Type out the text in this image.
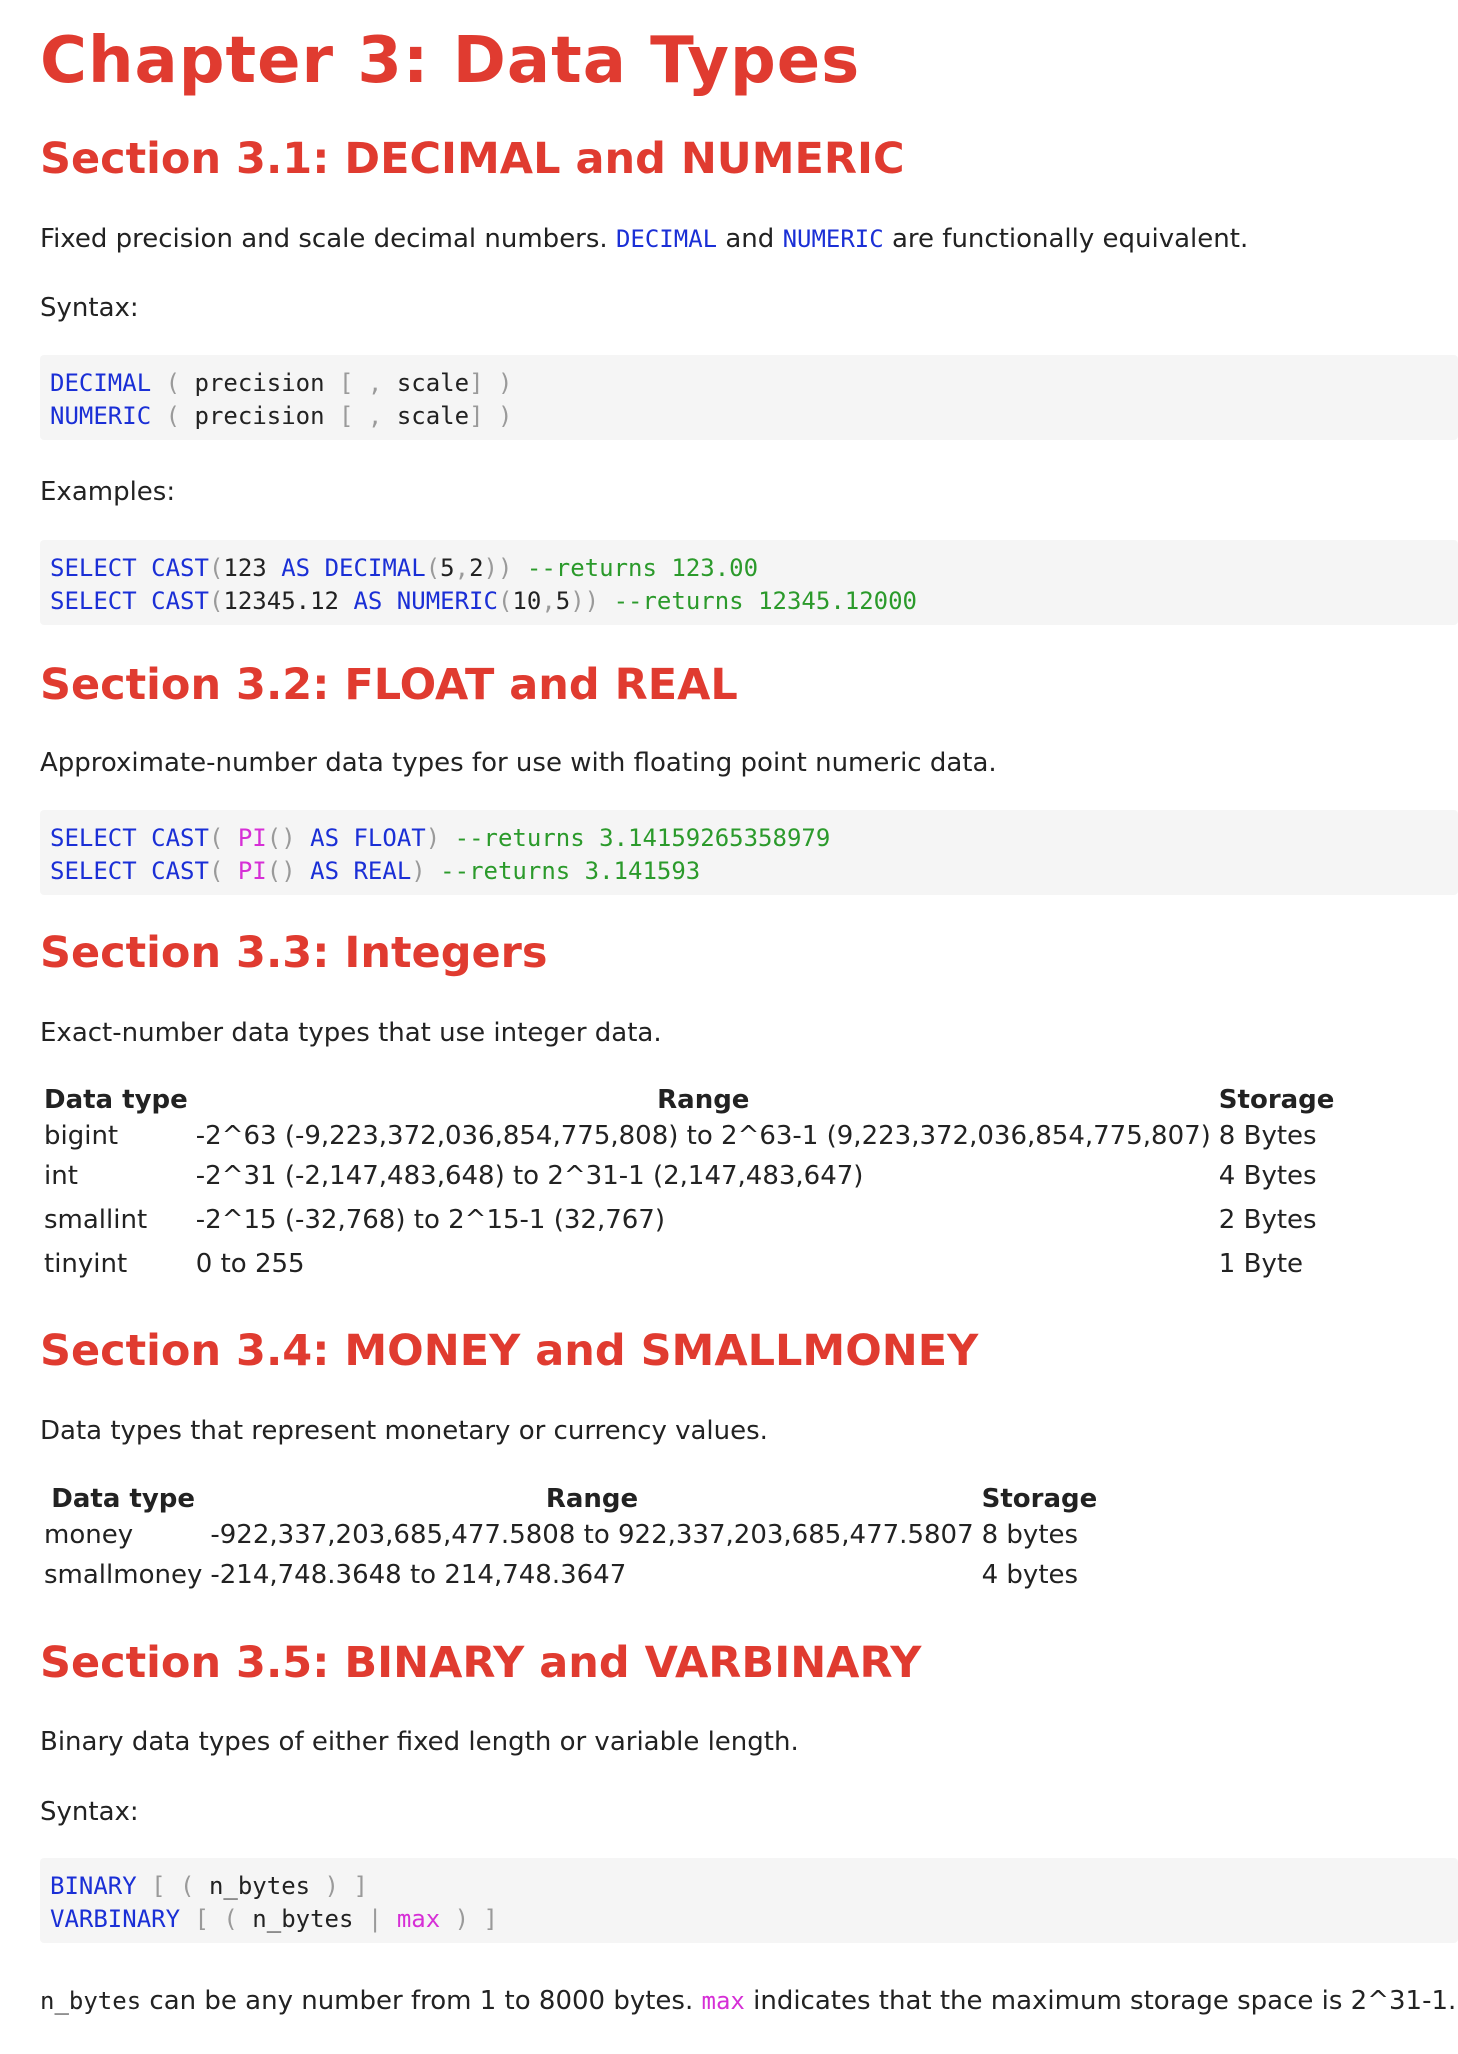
Chapter 3: Data Types
Section 3.1: DECIMAL and NUMERIC

Fixed precision and scale decimal numbers. DECIMAL and NUMERIC are functionally equivalent.

Syntax:

DECIMAL ( precision [ , scale] )
NUMERIC ( precision [ , scale] )

Examples:

SELECT CAST(123 AS DECIMAL(5,2)) --returns 123.00
SELECT CAST(12345.12 AS NUMERIC(10,5)) --returns 12345.12000
Section 3.2: FLOAT and REAL

Approximate-number data types for use with floating point numeric data.

SELECT CAST( PI() AS FLOAT) --returns 3.14159265358979
SELECT CAST( PI() AS REAL) --returns 3.141593
Section 3.3: Integers

Exact-number data types that use integer data.

Data type	Range	Storage
bigint	-2^63 (-9,223,372,036,854,775,808) to 2^63-1 (9,223,372,036,854,775,807)	8 Bytes
int	-2^31 (-2,147,483,648) to 2^31-1 (2,147,483,647)	4 Bytes
smallint	-2^15 (-32,768) to 2^15-1 (32,767)	2 Bytes
tinyint	0 to 255	1 Byte
Section 3.4: MONEY and SMALLMONEY

Data types that represent monetary or currency values.

Data type	Range	Storage
money	-922,337,203,685,477.5808 to 922,337,203,685,477.5807	8 bytes
smallmoney	-214,748.3648 to 214,748.3647	4 bytes
Section 3.5: BINARY and VARBINARY

Binary data types of either fixed length or variable length.

Syntax:

BINARY [ ( n_bytes ) ]
VARBINARY [ ( n_bytes | max ) ]

n_bytes can be any number from 1 to 8000 bytes. max indicates that the maximum storage space is 2^31-1.
